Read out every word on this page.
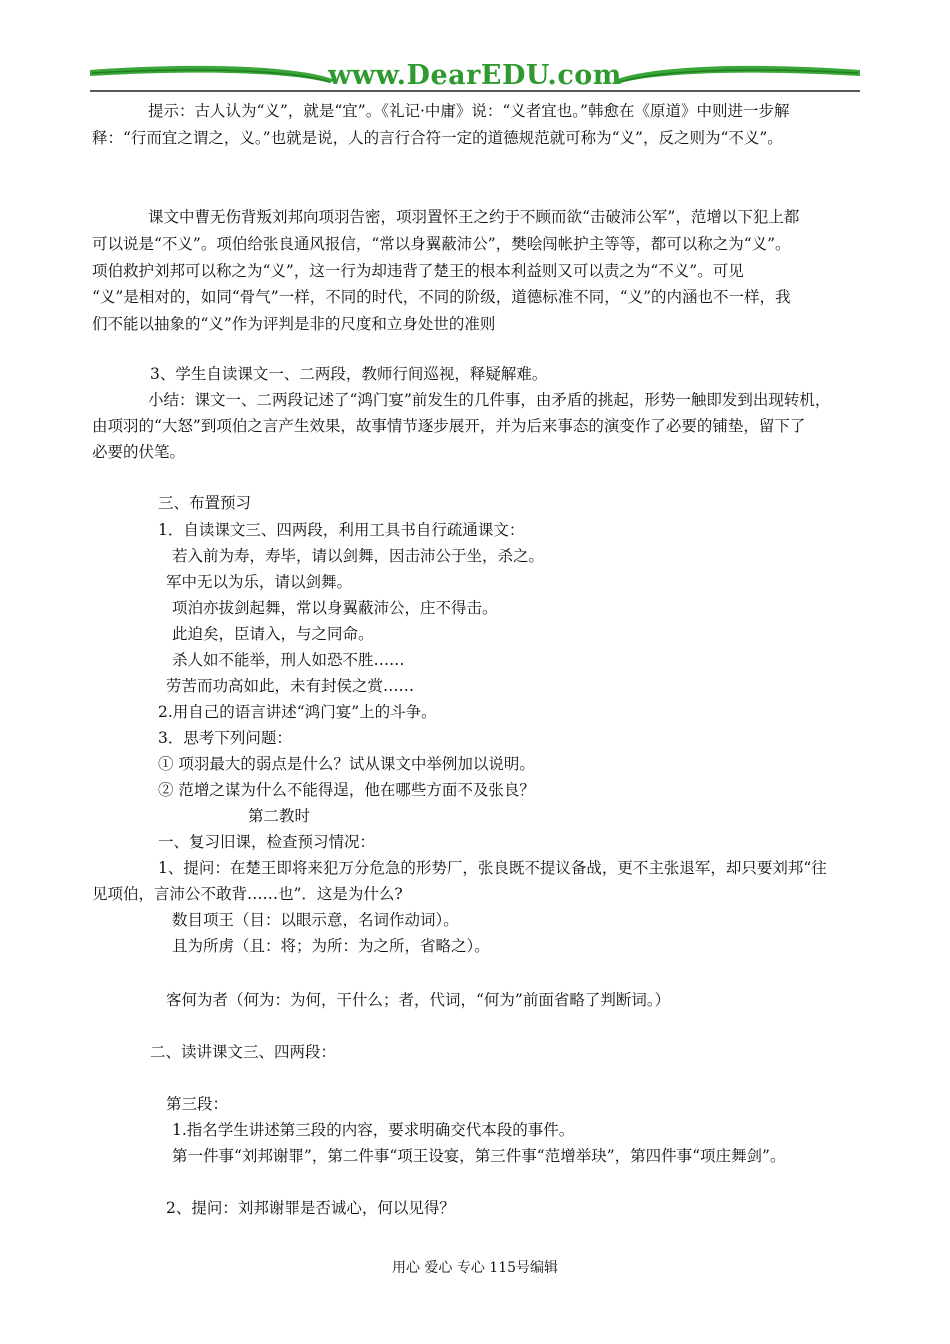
www.DearEDU.com
提示：古人认为“义”，就是“宜”。《礼记·中庸》说：“义者宜也。”韩愈在《原道》中则进一步解
释：“行而宜之谓之，义。”也就是说，人的言行合符一定的道德规范就可称为“义”，反之则为“不义”。
课文中曹无伤背叛刘邦向项羽告密，项羽置怀王之约于不顾而欲“击破沛公军”，范增以下犯上都
可以说是“不义”。项伯给张良通风报信，“常以身翼蔽沛公”，樊哙闯帐护主等等，都可以称之为“义”。
项伯救护刘邦可以称之为“义”，这一行为却违背了楚王的根本利益则又可以责之为“不义”。可见
“义”是相对的，如同“骨气”一样，不同的时代，不同的阶级，道德标准不同，“义”的内涵也不一样，我
们不能以抽象的“义”作为评判是非的尺度和立身处世的准则
3、学生自读课文一、二两段，教师行间巡视，释疑解难。
小结：课文一、二两段记述了“鸿门宴”前发生的几件事，由矛盾的挑起，形势一触即发到出现转机，
由项羽的“大怒”到项伯之言产生效果，故事情节逐步展开，并为后来事态的演变作了必要的铺垫，留下了
必要的伏笔。
三、布置预习
1．自读课文三、四两段，利用工具书自行疏通课文：
若入前为寿，寿毕，请以剑舞，因击沛公于坐，杀之。
军中无以为乐，请以剑舞。
项泊亦拔剑起舞，常以身翼蔽沛公，庄不得击。
此迫矣，臣请入，与之同命。
杀人如不能举，刑人如恐不胜……
劳苦而功高如此，未有封侯之赏……
2.用自己的语言讲述“鸿门宴”上的斗争。
3．思考下列问题：
① 项羽最大的弱点是什么？试从课文中举例加以说明。
② 范增之谋为什么不能得逞，他在哪些方面不及张良？
第二教时
一、复习旧课，检查预习情况：
1、提问：在楚王即将来犯万分危急的形势厂，张良既不提议备战，更不主张退军，却只要刘邦“往
见项伯，言沛公不敢背……也”．这是为什么?
数目项王（目：以眼示意，名词作动词）。
且为所虏（且：将；为所：为之所，省略之）。
客何为者（何为：为何，干什么；者，代词，“何为”前面省略了判断词。）
二、读讲课文三、四两段：
第三段：
1.指名学生讲述第三段的内容，要求明确交代本段的事件。
第一件事“刘邦谢罪”，第二件事“项王设宴，第三件事“范增举玦”，第四件事“项庄舞剑”。
2、提问：刘邦谢罪是否诚心，何以见得？
用心 爱心 专心 115号编辑
